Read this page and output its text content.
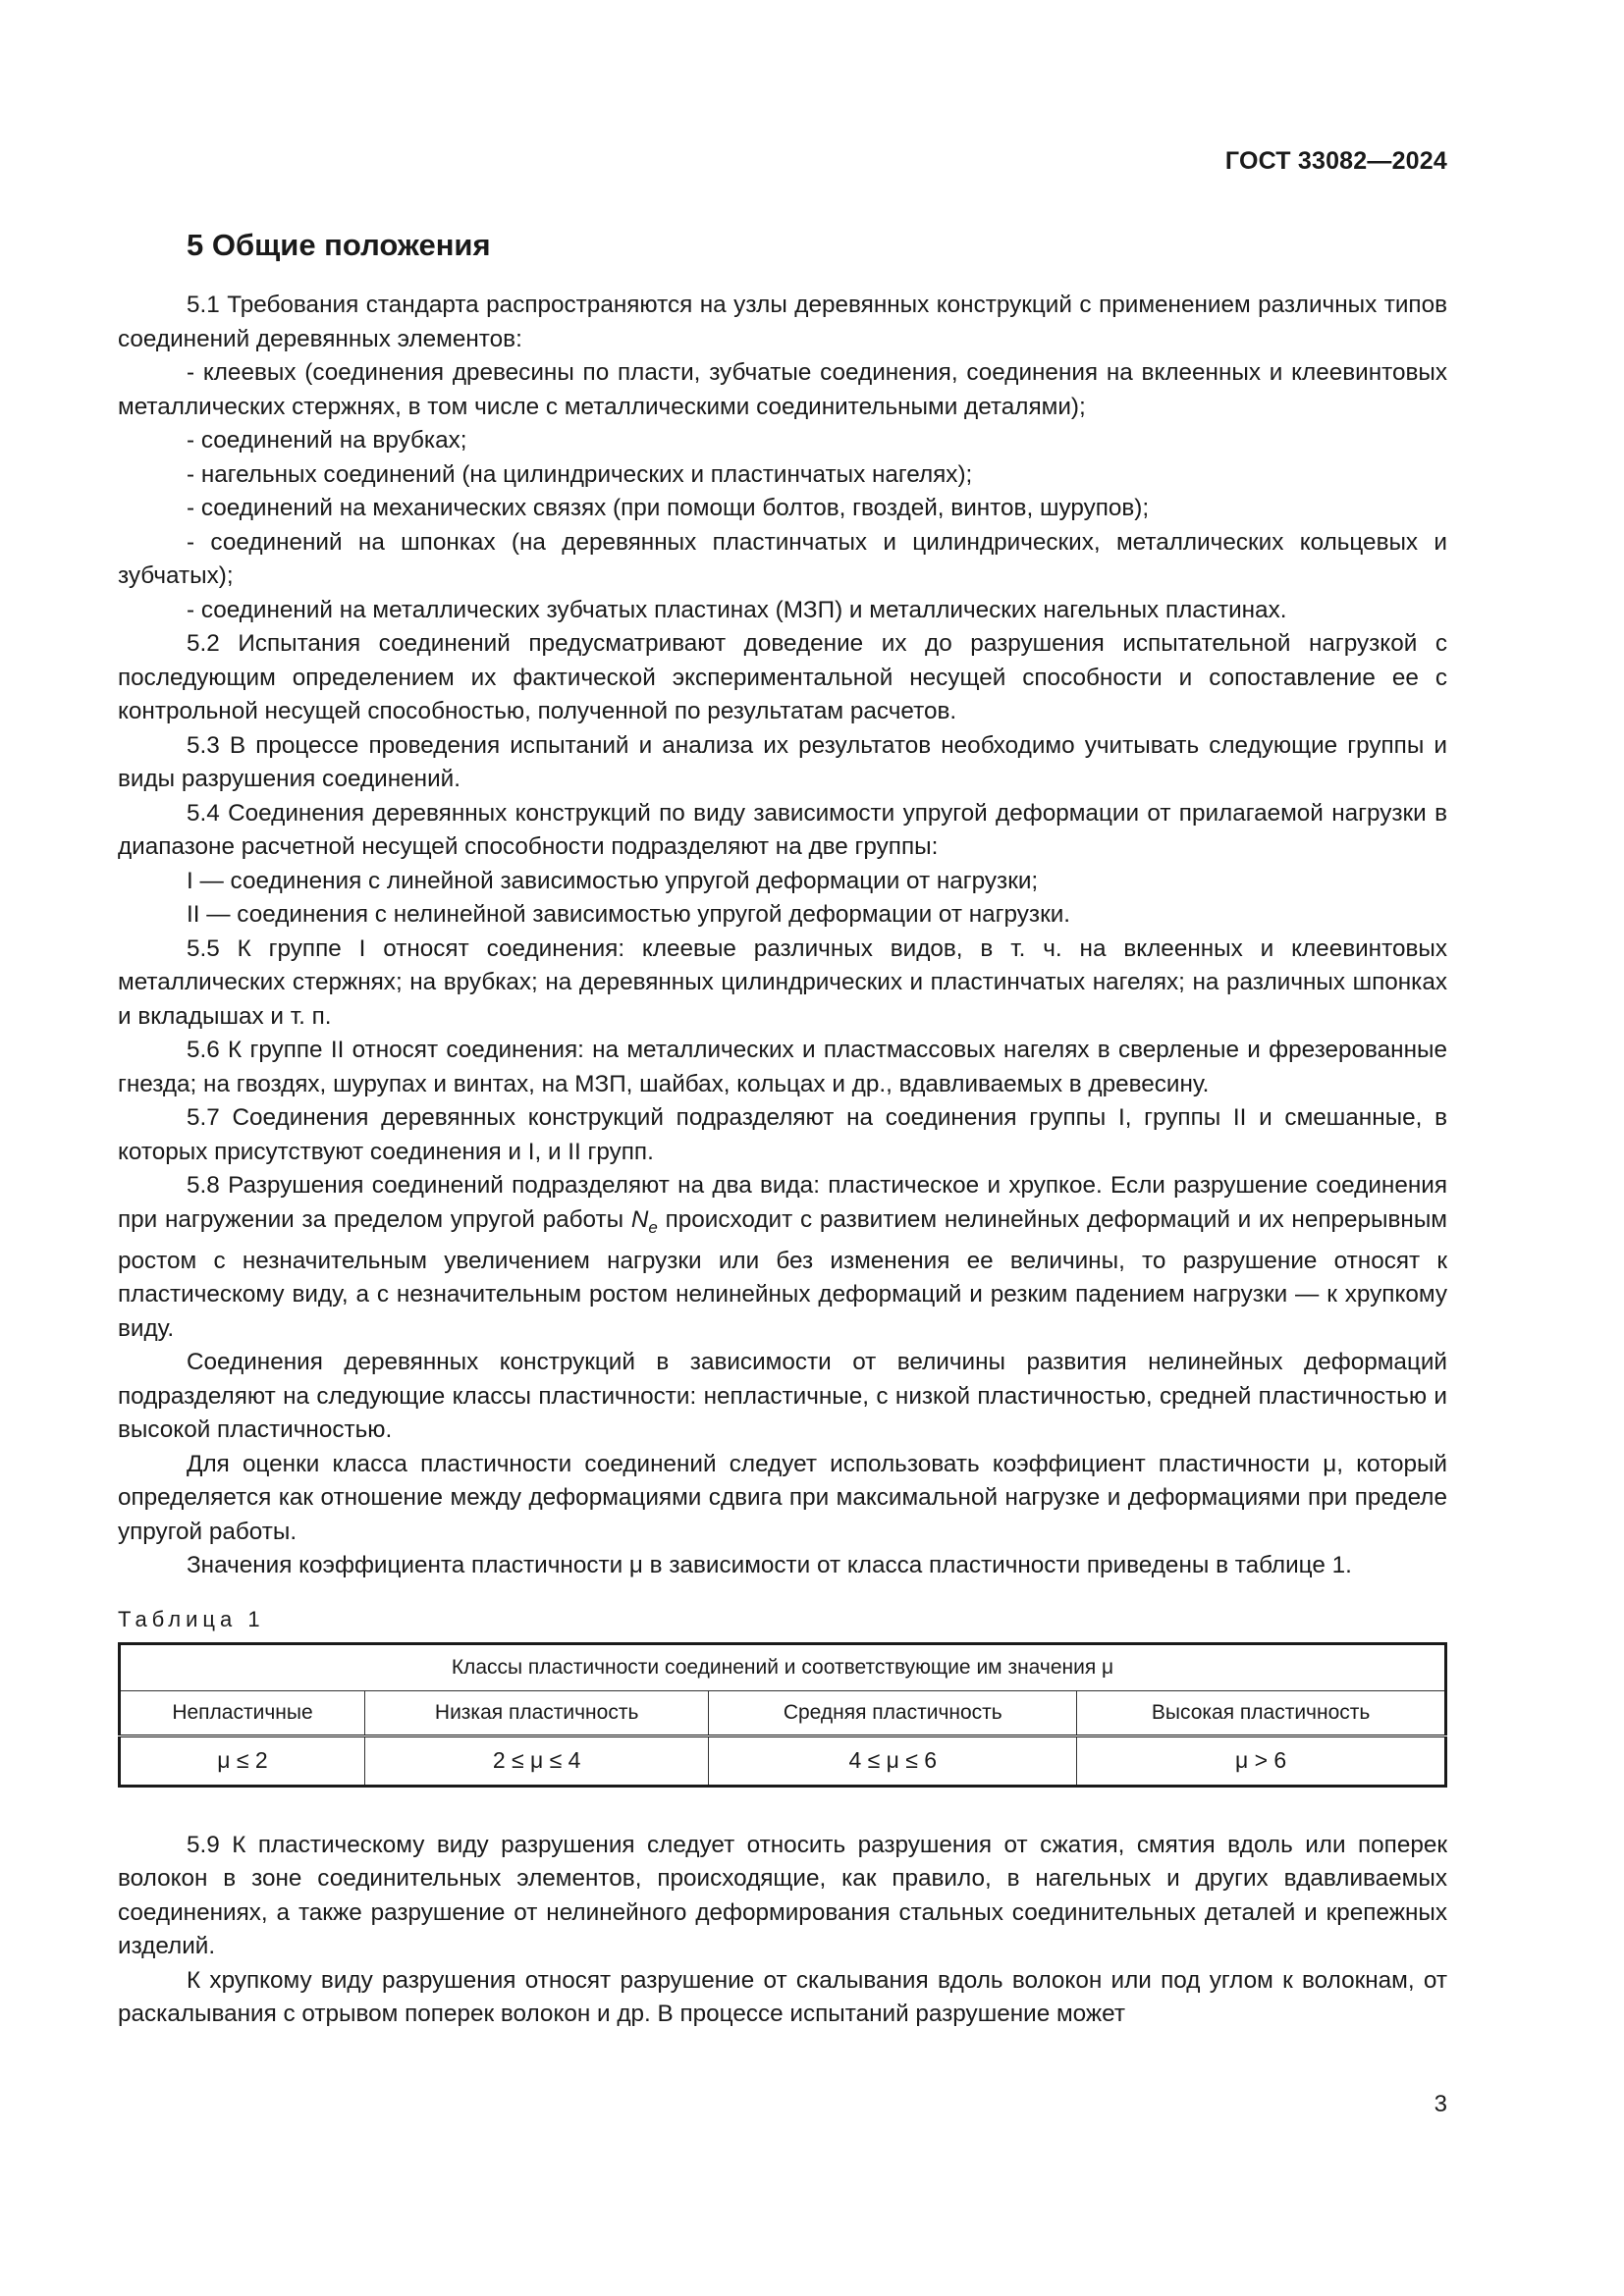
ГОСТ 33082—2024
5 Общие положения

5.1 Требования стандарта распространяются на узлы деревянных конструкций с применением различных типов соединений деревянных элементов:

- клеевых (соединения древесины по пласти, зубчатые соединения, соединения на вклеенных и клеевинтовых металлических стержнях, в том числе с металлическими соединительными деталями);

- соединений на врубках;

- нагельных соединений (на цилиндрических и пластинчатых нагелях);

- соединений на механических связях (при помощи болтов, гвоздей, винтов, шурупов);

- соединений на шпонках (на деревянных пластинчатых и цилиндрических, металлических кольцевых и зубчатых);

- соединений на металлических зубчатых пластинах (МЗП) и металлических нагельных пластинах.

5.2 Испытания соединений предусматривают доведение их до разрушения испытательной нагрузкой с последующим определением их фактической экспериментальной несущей способности и сопоставление ее с контрольной несущей способностью, полученной по результатам расчетов.

5.3 В процессе проведения испытаний и анализа их результатов необходимо учитывать следующие группы и виды разрушения соединений.

5.4 Соединения деревянных конструкций по виду зависимости упругой деформации от прилагаемой нагрузки в диапазоне расчетной несущей способности подразделяют на две группы:

I — соединения с линейной зависимостью упругой деформации от нагрузки;

II — соединения с нелинейной зависимостью упругой деформации от нагрузки.

5.5 К группе I относят соединения: клеевые различных видов, в т. ч. на вклеенных и клеевинтовых металлических стержнях; на врубках; на деревянных цилиндрических и пластинчатых нагелях; на различных шпонках и вкладышах и т. п.

5.6 К группе II относят соединения: на металлических и пластмассовых нагелях в сверленые и фрезерованные гнезда; на гвоздях, шурупах и винтах, на МЗП, шайбах, кольцах и др., вдавливаемых в древесину.

5.7 Соединения деревянных конструкций подразделяют на соединения группы I, группы II и смешанные, в которых присутствуют соединения и I, и II групп.

5.8 Разрушения соединений подразделяют на два вида: пластическое и хрупкое. Если разрушение соединения при нагружении за пределом упругой работы $N_e$ происходит с развитием нелинейных деформаций и их непрерывным ростом с незначительным увеличением нагрузки или без изменения ее величины, то разрушение относят к пластическому виду, а с незначительным ростом нелинейных деформаций и резким падением нагрузки — к хрупкому виду.

Соединения деревянных конструкций в зависимости от величины развития нелинейных деформаций подразделяют на следующие классы пластичности: непластичные, с низкой пластичностью, средней пластичностью и высокой пластичностью.

Для оценки класса пластичности соединений следует использовать коэффициент пластичности μ, который определяется как отношение между деформациями сдвига при максимальной нагрузке и деформациями при пределе упругой работы.

Значения коэффициента пластичности μ в зависимости от класса пластичности приведены в таблице 1.

Таблица 1
Классы пластичности соединений и соответствующие им значения μ			
Непластичные	Низкая пластичность	Средняя пластичность	Высокая пластичность
μ ≤ 2	2 ≤ μ ≤ 4	4 ≤ μ ≤ 6	μ > 6

5.9 К пластическому виду разрушения следует относить разрушения от сжатия, смятия вдоль или поперек волокон в зоне соединительных элементов, происходящие, как правило, в нагельных и других вдавливаемых соединениях, а также разрушение от нелинейного деформирования стальных соединительных деталей и крепежных изделий.

К хрупкому виду разрушения относят разрушение от скалывания вдоль волокон или под углом к волокнам, от раскалывания с отрывом поперек волокон и др. В процессе испытаний разрушение может

3
